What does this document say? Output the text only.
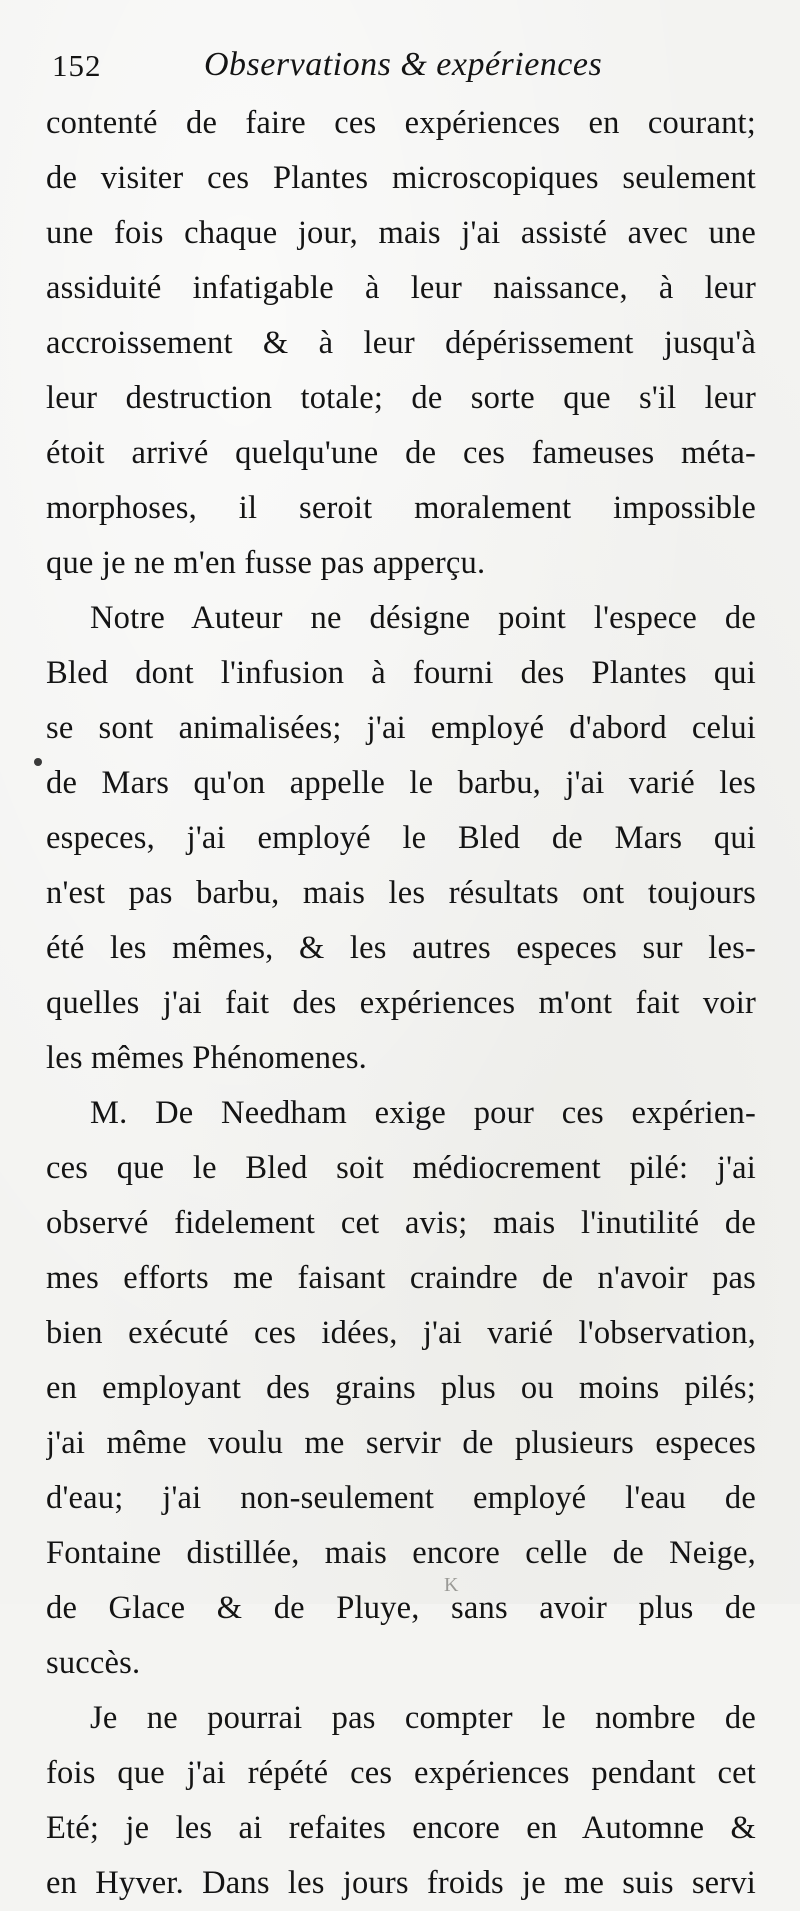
152	Observations & expériences
contenté de faire ces expériences en courant;
de visiter ces Plantes microscopiques seulement
une fois chaque jour, mais j'ai assisté avec une
assiduité infatigable à leur naissance, à leur
accroissement & à leur dépérissement jusqu'à
leur destruction totale; de sorte que s'il leur
étoit arrivé quelqu'une de ces fameuses méta-
morphoses, il seroit moralement impossible
que je ne m'en fusse pas apperçu.
Notre Auteur ne désigne point l'espece de
Bled dont l'infusion à fourni des Plantes qui
se sont animalisées; j'ai employé d'abord celui
de Mars qu'on appelle le barbu, j'ai varié les
especes, j'ai employé le Bled de Mars qui
n'est pas barbu, mais les résultats ont toujours
été les mêmes, & les autres especes sur les-
quelles j'ai fait des expériences m'ont fait voir
les mêmes Phénomenes.
M. De Needham exige pour ces expérien-
ces que le Bled soit médiocrement pilé: j'ai
observé fidelement cet avis; mais l'inutilité de
mes efforts me faisant craindre de n'avoir pas
bien exécuté ces idées, j'ai varié l'observation,
en employant des grains plus ou moins pilés;
j'ai même voulu me servir de plusieurs especes
d'eau; j'ai non-seulement employé l'eau de
Fontaine distillée, mais encore celle de Neige,
de Glace & de Pluye, sans avoir plus de
succès.
Je ne pourrai pas compter le nombre de
fois que j'ai répété ces expériences pendant cet
Eté; je les ai refaites encore en Automne &
en Hyver. Dans les jours froids je me suis servi
K
